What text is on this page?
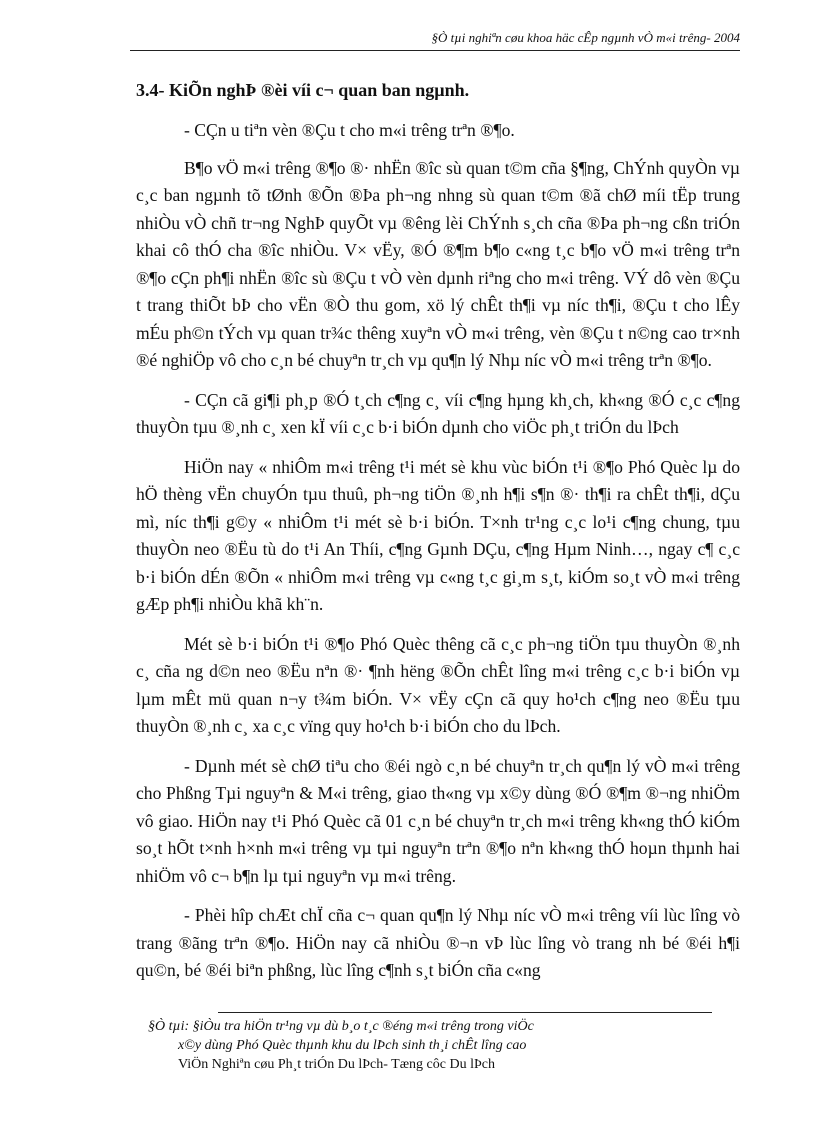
§Ò tµi nghiªn cøu khoa häc cÊp ngµnh vÒ m«i trêng- 2004
3.4- KiÕn nghÞ ®èi víi c¬ quan ban ngµnh.

- CÇn u tiªn vèn ®Çu t cho m«i trêng trªn ®¶o.

B¶o vÖ m«i trêng ®¶o ®· nhËn ®îc sù quan t©m cña §¶ng, ChÝnh quyÒn vµ c¸c ban ngµnh tõ tØnh ®Õn ®Þa ph¬ng nhng sù quan t©m ®ã chØ míi tËp trung nhiÒu vÒ chñ tr¬ng NghÞ quyÕt vµ ®êng lèi ChÝnh s¸ch cña ®Þa ph¬ng cßn triÓn khai cô thÓ cha ®îc nhiÒu. V× vËy, ®Ó ®¶m b¶o c«ng t¸c b¶o vÖ m«i trêng trªn ®¶o cÇn ph¶i nhËn ®îc sù ®Çu t vÒ vèn dµnh riªng cho m«i trêng. VÝ dô vèn ®Çu t trang thiÕt bÞ cho vËn ®Ò thu gom, xö lý chÊt th¶i vµ níc th¶i, ®Çu t cho lÊy mÉu ph©n tÝch vµ quan tr¾c thêng xuyªn vÒ m«i trêng, vèn ®Çu t n©ng cao tr×nh ®é nghiÖp vô cho c¸n bé chuyªn tr¸ch vµ qu¶n lý Nhµ níc vÒ m«i trêng trªn ®¶o.

- CÇn cã gi¶i ph¸p ®Ó t¸ch c¶ng c¸ víi c¶ng hµng kh¸ch, kh«ng ®Ó c¸c c¶ng thuyÒn tµu ®¸nh c¸ xen kÏ víi c¸c b·i biÓn dµnh cho viÖc ph¸t triÓn du lÞch

HiÖn nay « nhiÔm m«i trêng t¹i mét sè khu vùc biÓn t¹i ®¶o Phó Quèc lµ do hÖ thèng vËn chuyÓn tµu thuû, ph¬ng tiÖn ®¸nh h¶i s¶n ®· th¶i ra chÊt th¶i, dÇu mì, níc th¶i g©y « nhiÔm t¹i mét sè b·i biÓn. T×nh tr¹ng c¸c lo¹i c¶ng chung, tµu thuyÒn neo ®Ëu tù do t¹i An Thíi, c¶ng Gµnh DÇu, c¶ng Hµm Ninh…, ngay c¶ c¸c b·i biÓn dÉn ®Õn « nhiÔm m«i trêng vµ c«ng t¸c gi¸m s¸t, kiÓm so¸t vÒ m«i trêng gÆp ph¶i nhiÒu khã kh¨n.

Mét sè b·i biÓn t¹i ®¶o Phó Quèc thêng cã c¸c ph¬ng tiÖn tµu thuyÒn ®¸nh c¸ cña ng d©n neo ®Ëu nªn ®· ¶nh hëng ®Õn chÊt lîng m«i trêng c¸c b·i biÓn vµ lµm mÊt mü quan n¬y t¾m biÓn. V× vËy cÇn cã quy ho¹ch c¶ng neo ®Ëu tµu thuyÒn ®¸nh c¸ xa c¸c vïng quy ho¹ch b·i biÓn cho du lÞch.

- Dµnh mét sè chØ tiªu cho ®éi ngò c¸n bé chuyªn tr¸ch qu¶n lý vÒ m«i trêng cho Phßng Tµi nguyªn & M«i trêng, giao th«ng vµ x©y dùng ®Ó ®¶m ®¬ng nhiÖm vô giao. HiÖn nay t¹i Phó Quèc cã 01 c¸n bé chuyªn tr¸ch m«i trêng kh«ng thÓ kiÓm so¸t hÕt t×nh h×nh m«i trêng vµ tµi nguyªn trªn ®¶o nªn kh«ng thÓ hoµn thµnh hai nhiÖm vô c¬ b¶n lµ tµi nguyªn vµ m«i trêng.

- Phèi hîp chÆt chÏ cña c¬ quan qu¶n lý Nhµ níc vÒ m«i trêng víi lùc lîng vò trang ®ãng trªn ®¶o. HiÖn nay cã nhiÒu ®¬n vÞ lùc lîng vò trang nh bé ®éi h¶i qu©n, bé ®éi biªn phßng, lùc lîng c¶nh s¸t biÓn cña c«ng

§Ò tµi: §iÒu tra hiÖn tr¹ng vµ dù b¸o t¸c ®éng m«i trêng trong viÖc
x©y dùng Phó Quèc thµnh khu du lÞch sinh th¸i chÊt lîng cao
ViÖn Nghiªn cøu Ph¸t triÓn Du lÞch- Tæng côc Du lÞch
